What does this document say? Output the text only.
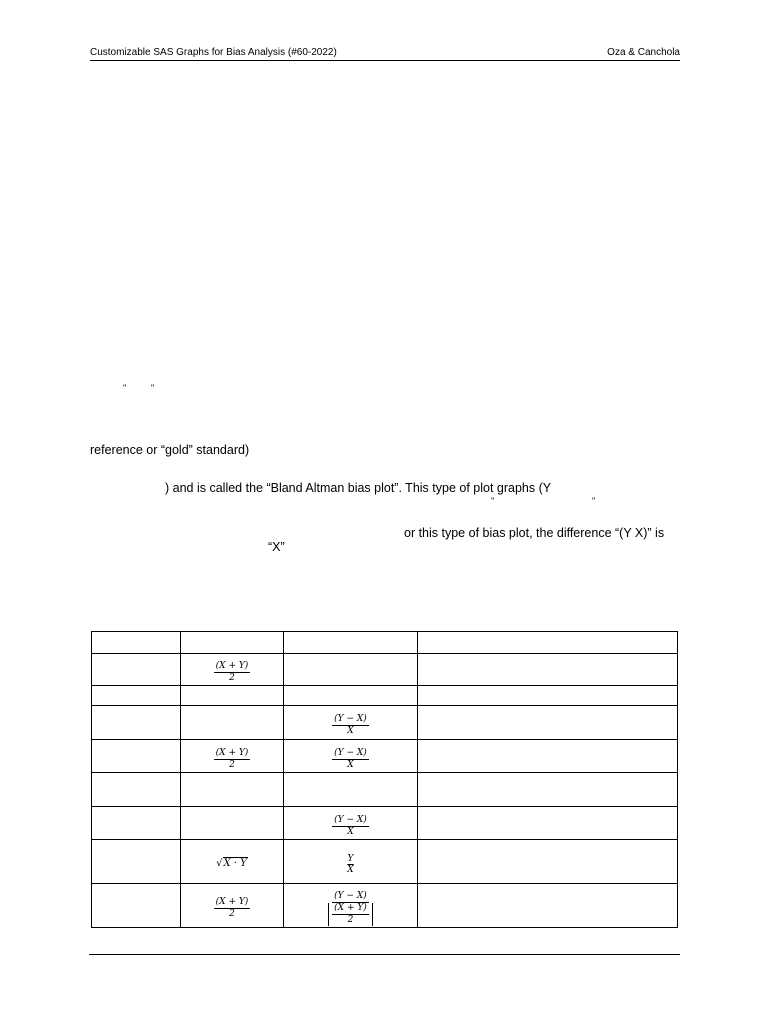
Customizable SAS Graphs for Bias Analysis (#60-2022)	Oza & Canchola
"	"
reference or “gold” standard)
) and is called the “Bland Altman bias plot”. This type of plot graphs (Y
"	"
or this type of bias plot, the difference “(Y X)” is
“X”

	$\frac{(X + Y)}{2}$

		$\frac{(Y - X)}{X}$

	$\frac{(X + Y)}{2}$	$\frac{(Y - X)}{X}$

		$\frac{(Y - X)}{X}$

	√X · Y	$\frac{Y}{X}$

	$\frac{(X + Y)}{2}$	$\frac{(Y - X)}{\frac{(X + Y)}{2}}$
